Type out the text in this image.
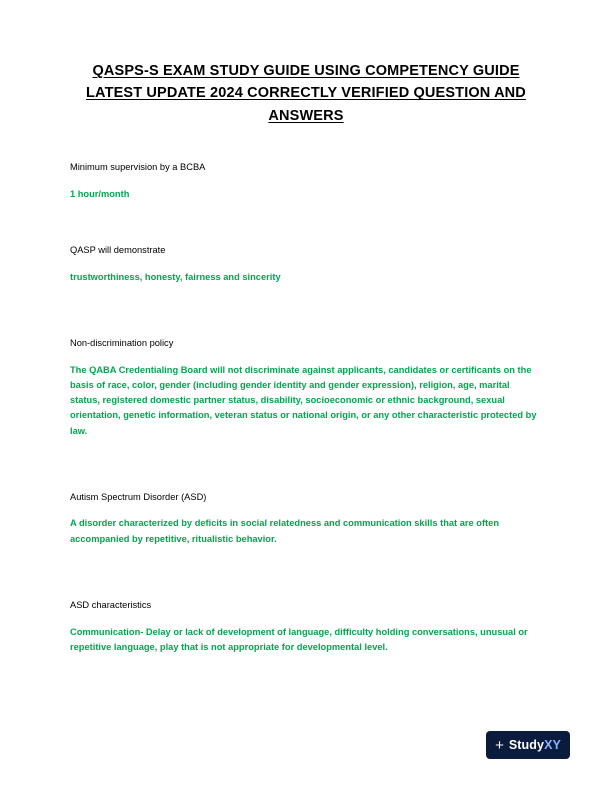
QASPS-S EXAM STUDY GUIDE USING COMPETENCY GUIDE LATEST UPDATE 2024 CORRECTLY VERIFIED QUESTION AND ANSWERS

Minimum supervision by a BCBA

1 hour/month

QASP will demonstrate

trustworthiness, honesty, fairness and sincerity

Non-discrimination policy

The QABA Credentialing Board will not discriminate against applicants, candidates or certificants on the basis of race, color, gender (including gender identity and gender expression), religion, age, marital status, registered domestic partner status, disability, socioeconomic or ethnic background, sexual orientation, genetic information, veteran status or national origin, or any other characteristic protected by law.

Autism Spectrum Disorder (ASD)

A disorder characterized by deficits in social relatedness and communication skills that are often accompanied by repetitive, ritualistic behavior.

ASD characteristics

Communication- Delay or lack of development of language, difficulty holding conversations, unusual or repetitive language, play that is not appropriate for developmental level.

+ StudyXY
